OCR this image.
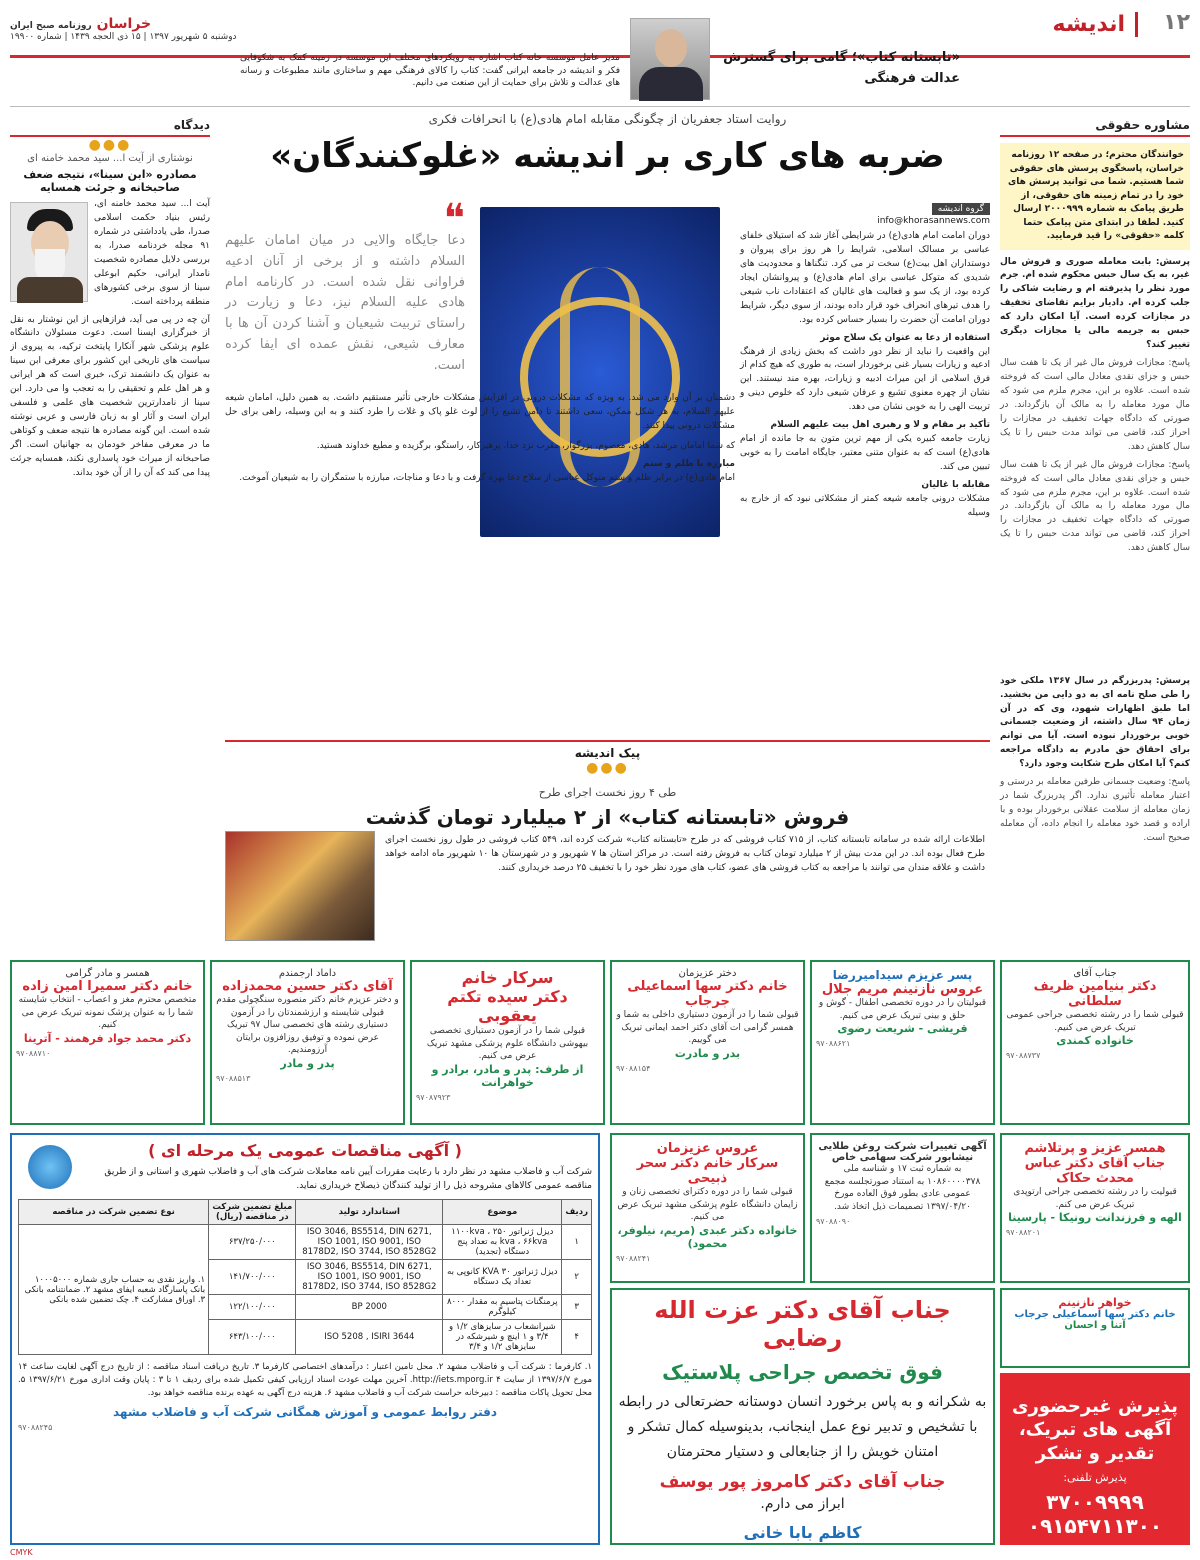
۱۲
اندیشه
خراسان روزنامه صبح ایران
دوشنبه ۵ شهریور ۱۳۹۷ | ۱۵ ذی الحجه ۱۴۳۹ | شماره ۱۹۹۰۰
مدیر عامل موسسه خانه کتاب اشاره به رویکردهای مختلف این موسسه در زمینه کمک به شکوفایی فکر و اندیشه در جامعه ایرانی گفت: کتاب را کالای فرهنگی مهم و ساختاری مانند مطبوعات و رسانه های عدالت و تلاش برای حمایت از این صنعت می دانیم.
«تابستانه کتاب»؛ گامی برای گسترش عدالت فرهنگی
مشاوره حقوقی
خوانندگان محترم؛ در صفحه ۱۲ روزنامه خراسان، پاسخگوی پرسش های حقوقی شما هستیم. شما می توانید پرسش های خود را در تمام زمینه های حقوقی، از طریق پیامک به شماره ۲۰۰۰۹۹۹ ارسال کنید. لطفا در ابتدای متن پیامک حتما کلمه «حقوقی» را قید فرمایید.
پرسش: بابت معامله صوری و فروش مال غیر، به یک سال حبس محکوم شده ام. جرم مورد نظر را پذیرفته ام و رضایت شاکی را جلب کرده ام. دادیار برایم تقاضای تخفیف در مجازات کرده است. آیا امکان دارد که حبس به جریمه مالی یا مجازات دیگری تغییر کند؟
پاسخ: مجازات فروش مال غیر از یک تا هفت سال حبس و جزای نقدی معادل مالی است که فروخته شده است. علاوه بر این، مجرم ملزم می شود که مال مورد معامله را به مالک آن بازگرداند. در صورتی که دادگاه جهات تخفیف در مجازات را احراز کند، قاضی می تواند مدت حبس را تا یک سال کاهش دهد.
پاسخ: مجازات فروش مال غیر از یک تا هفت سال حبس و جزای نقدی معادل مالی است که فروخته شده است. علاوه بر این، مجرم ملزم می شود که مال مورد معامله را به مالک آن بازگرداند. در صورتی که دادگاه جهات تخفیف در مجازات را احراز کند، قاضی می تواند مدت حبس را تا یک سال کاهش دهد.
پرسش: پدربزرگم در سال ۱۳۶۷ ملکی خود را طی صلح نامه ای به دو دایی من بخشید. اما طبق اظهارات شهود، وی که در آن زمان ۹۴ سال داشته، از وضعیت جسمانی خوبی برخوردار نبوده است. آیا می توانم برای احقاق حق مادرم به دادگاه مراجعه کنم؟ آیا امکان طرح شکایت وجود دارد؟
پاسخ: وضعیت جسمانی طرفین معامله بر درستی و اعتبار معامله تأثیری ندارد. اگر پدربزرگ شما در زمان معامله از سلامت عقلانی برخوردار بوده و با اراده و قصد خود معامله را انجام داده، آن معامله صحیح است.
روایت استاد جعفریان از چگونگی مقابله امام هادی(ع) با انحرافات فکری
ضربه های کاری بر اندیشه «غلوکنندگان»
❝
دعا جایگاه والایی در میان امامان علیهم السلام داشته و از برخی از آنان ادعیه فراوانی نقل شده است. در کارنامه امام هادی علیه السلام نیز، دعا و زیارت در راستای تربیت شیعیان و آشنا کردن آن ها با معارف شیعی، نقش عمده ای ایفا کرده است.
گروه اندیشه
info@khorasannews.com
دوران امامت امام هادی(ع) در شرایطی آغاز شد که استیلای خلفای عباسی بر مسالک اسلامی، شرایط را هر روز برای پیروان و دوستداران اهل بیت(ع) سخت تر می کرد. تنگناها و محدودیت های شدیدی که متوکل عباسی برای امام هادی(ع) و پیروانشان ایجاد کرده بود، از یک سو و فعالیت های غالیان که اعتقادات ناب شیعی را هدف تیرهای انحراف خود قرار داده بودند، از سوی دیگر، شرایط دوران امامت آن حضرت را بسیار حساس کرده بود.
استفاده از دعا به عنوان یک سلاح موثر
این واقعیت را نباید از نظر دور داشت که بخش زیادی از فرهنگ ادعیه و زیارات بسیار غنی برخوردار است، به طوری که هیچ کدام از فرق اسلامی از این میراث ادبیه و زیارات، بهره مند نیستند. این نشان از چهره معنوی تشیع و عرفان شیعی دارد که خلوص دینی و تربیت الهی را به خوبی نشان می دهد.
تأکید بر مقام و لا و رهبری اهل بیت علیهم السلام
زیارت جامعه کبیره یکی از مهم ترین متون به جا مانده از امام هادی(ع) است که به عنوان متنی معتبر، جایگاه امامت را به خوبی تبیین می کند.
مقابله با غالیان
مشکلات درونی جامعه شیعه کمتر از مشکلاتی نبود که از خارج به وسیله
دشمنان بر آن وارد می شد. به ویژه که مشکلات درونی در افزایش مشکلات خارجی تأثیر مستقیم داشت. به همین دلیل، امامان شیعه علیهم السلام، به هر شکل ممکن، سعی داشتند تا دامن تشیع را از لوث غلو پاک و غلات را طرد کنند و به این وسیله، راهی برای حل مشکلات درونی پیدا کنند.
که شما امامان مرشد، هادی، معصوم، بزرگوار، مقرب نزد خدا، پرهیزکار، راستگو، برگزیده و مطیع خداوند هستید.
مبارزه با ظلم و ستم
امام هادی(ع) در برابر ظلم و ستم متوکل عباسی از سلاح دعا بهره گرفت و با دعا و مناجات، مبارزه با ستمگران را به شیعیان آموخت.
دیدگاه
●●●
نوشتاری از آیت ا... سید محمد خامنه ای
مصادره «ابن سینا»، نتیجه ضعف صاحبخانه و جرئت همسایه
آیت ا... سید محمد خامنه ای، رئیس بنیاد حکمت اسلامی صدرا، طی یادداشتی در شماره ۹۱ مجله خردنامه صدرا، به بررسی دلایل مصادره شخصیت نامدار ایرانی، حکیم ابوعلی سینا از سوی برخی کشورهای منطقه پرداخته است.
آن چه در پی می آید، فرازهایی از این نوشتار به نقل از خبرگزاری ایسنا است. دعوت مسئولان دانشگاه علوم پزشکی شهر آنکارا پایتخت ترکیه، به پیروی از سیاست های تاریخی این کشور برای معرفی ابن سینا به عنوان یک دانشمند ترک، خبری است که هر ایرانی و هر اهل علم و تحقیقی را به تعجب وا می دارد. ابن سینا از نامدارترین شخصیت های علمی و فلسفی ایران است و آثار او به زبان فارسی و عربی نوشته شده است. این گونه مصادره ها نتیجه ضعف و کوتاهی ما در معرفی مفاخر خودمان به جهانیان است. اگر صاحبخانه از میراث خود پاسداری نکند، همسایه جرئت پیدا می کند که آن را از آن خود بداند.
پیک اندیشه
●●●
طی ۴ روز نخست اجرای طرح
فروش «تابستانه کتاب» از ۲ میلیارد تومان گذشت
اطلاعات ارائه شده در سامانه تابستانه کتاب، از ۷۱۵ کتاب فروشی که در طرح «تابستانه کتاب» شرکت کرده اند، ۵۴۹ کتاب فروشی در طول روز نخست اجرای طرح فعال بوده اند. در این مدت بیش از ۲ میلیارد تومان کتاب به فروش رفته است. در مراکز استان ها ۷ شهریور و در شهرستان ها ۱۰ شهریور ماه ادامه خواهد داشت و علاقه مندان می توانند با مراجعه به کتاب فروشی های عضو، کتاب های مورد نظر خود را با تخفیف ۲۵ درصد خریداری کنند.
جناب آقای
دکتر بنیامین ظریف سلطانی
قبولی شما را در رشته تخصصی جراحی عمومی تبریک عرض می کنیم.
خانواده کمندی
۹۷۰۸۸۷۳۷
پسر عزیزم سیدامیررضا
عروس نازنینم مریم جلال
قبولیتان را در دوره تخصصی اطفال - گوش و حلق و بینی تبریک عرض می کنیم.
قریشی - شریعت رضوی
۹۷۰۸۸۶۲۱
دختر عزیزمان
خانم دکتر سها اسماعیلی جرجاب
قبولی شما را در آزمون دستیاری داخلی به شما و همسر گرامی ات آقای دکتر احمد ایمانی تبریک می گوییم.
بدر و مادرت
۹۷۰۸۸۱۵۴
سرکار خانم
دکتر سیده تکتم یعقوبی
قبولی شما را در آزمون دستیاری تخصصی بیهوشی دانشگاه علوم پزشکی مشهد تبریک عرض می کنیم.
از طرف: پدر و مادر، برادر و خواهرانت
۹۷۰۸۷۹۲۳
داماد ارجمندم
آقای دکتر حسین محمدزاده
و دختر عزیزم خانم دکتر منصوره سنگچولی مقدم قبولی شایسته و ارزشمندتان را در آزمون دستیاری رشته های تخصصی سال ۹۷ تبریک عرض نموده و توفیق روزافزون برایتان آرزومندیم.
پدر و مادر
۹۷۰۸۸۵۱۳
همسر و مادر گرامی
خانم دکتر سمیرا امین زاده
متخصص محترم مغز و اعصاب - انتخاب شایسته شما را به عنوان پزشک نمونه تبریک عرض می کنیم.
دکتر محمد جواد فرهمند - آترینا
۹۷۰۸۸۷۱۰
همسر عزیز و پرتلاشم
جناب آقای دکتر عباس محدث حکاک
قبولیت را در رشته تخصصی جراحی ارتوپدی تبریک عرض می کنم.
الهه و فرزندانت رونیکا - پارسینا
۹۷۰۸۸۲۰۱
خواهر نازنینم
خانم دکتر سها اسماعیلی جرجاب
آتنا و احسان
آگهی تغییرات شرکت روغن طلایی نیشابور شرکت سهامی خاص
به شماره ثبت ۱۷ و شناسه ملی ۱۰۸۶۰۰۰۰۳۷۸ به استناد صورتجلسه مجمع عمومی عادی بطور فوق العاده مورخ ۱۳۹۷/۰۴/۲۰ تصمیمات ذیل اتخاذ شد.
۹۷۰۸۸۰۹۰
عروس عزیزمان
سرکار خانم دکتر سحر ذبیحی
قبولی شما را در دوره دکترای تخصصی زنان و زایمان دانشگاه علوم پزشکی مشهد تبریک عرض می کنیم.
خانواده دکتر عبدی (مریم، نیلوفر، محمود)
۹۷۰۸۸۲۴۱
جناب آقای دکتر عزت الله رضایی
فوق تخصص جراحی پلاستیک
به شکرانه و به پاس برخورد انسان دوستانه حضرتعالی در رابطه با تشخیص و تدبیر نوع عمل اینجانب، بدینوسیله کمال تشکر و امتنان خویش را از جنابعالی و دستیار محترمتان
جناب آقای دکتر کامروز پور یوسف
ابراز می دارم.
کاظم بابا خانی
پذیرش غیرحضوری آگهی های تبریک، تقدیر و تشکر
پذیرش تلفنی:
۳۷۰۰۹۹۹۹
۰۹۱۵۴۷۱۱۳۰۰
( آگهی مناقصات عمومی یک مرحله ای )
شرکت آب و فاضلاب مشهد در نظر دارد با رعایت مقررات آیین نامه معاملات شرکت های آب و فاضلاب شهری و استانی و از طریق مناقصه عمومی کالاهای مشروحه ذیل را از تولید کنندگان ذیصلاح خریداری نماید.
ردیف	موضوع	استاندارد تولید	مبلغ تضمین شرکت در مناقصه (ریال)	نوع تضمین شرکت در مناقصه
۱	دیزل ژنراتور ۱۱۰۰kva ، ۲۵۰ kva ، ۶۶kva به تعداد پنج دستگاه (تجدید)	ISO 3046, BS5514, DIN 6271, ISO 1001, ISO 9001, ISO 8178D2, ISO 3744, ISO 8528G2	۶۳۷/۲۵۰/۰۰۰	۱. واریز نقدی به حساب جاری شماره ۱۰۰۰۵۰۰۰ بانک پاسارگاد شعبه ایفای مشهد ۲. ضمانتنامه بانکی ۳. اوراق مشارکت ۴. چک تضمین شده بانکی
۲	دیزل ژنراتور KVA ۳۰ کانوپی به تعداد یک دستگاه	ISO 3046, BS5514, DIN 6271, ISO 1001, ISO 9001, ISO 8178D2, ISO 3744, ISO 8528G2	۱۴۱/۷۰۰/۰۰۰	
۳	پرمنگنات پتاسیم به مقدار ۸۰۰۰ کیلوگرم	BP 2000	۱۲۲/۱۰۰/۰۰۰	
۴	شیرانشعاب در سایزهای ۱/۲ و ۳/۴ و ۱ اینچ و شیرشکه در سایزهای ۱/۲ و ۳/۴	ISO 5208 , ISIRI 3644	۶۴۳/۱۰۰/۰۰۰	
۱. کارفرما : شرکت آب و فاضلاب مشهد ۲. محل تامین اعتبار : درآمدهای اختصاصی کارفرما ۳. تاریخ دریافت اسناد مناقصه : از تاریخ درج آگهی لغایت ساعت ۱۴ مورخ ۱۳۹۷/۶/۷ از سایت http://iets.mporg.ir ۴. آخرین مهلت عودت اسناد ارزیابی کیفی تکمیل شده برای ردیف ۱ تا ۳ : پایان وقت اداری مورخ ۱۳۹۷/۶/۲۱ ۵. محل تحویل پاکات مناقصه : دبیرخانه حراست شرکت آب و فاضلاب مشهد ۶. هزینه درج آگهی به عهده برنده مناقصه خواهد بود.
دفتر روابط عمومی و آموزش همگانی شرکت آب و فاضلاب مشهد
۹۷۰۸۸۲۴۵
CMYK
